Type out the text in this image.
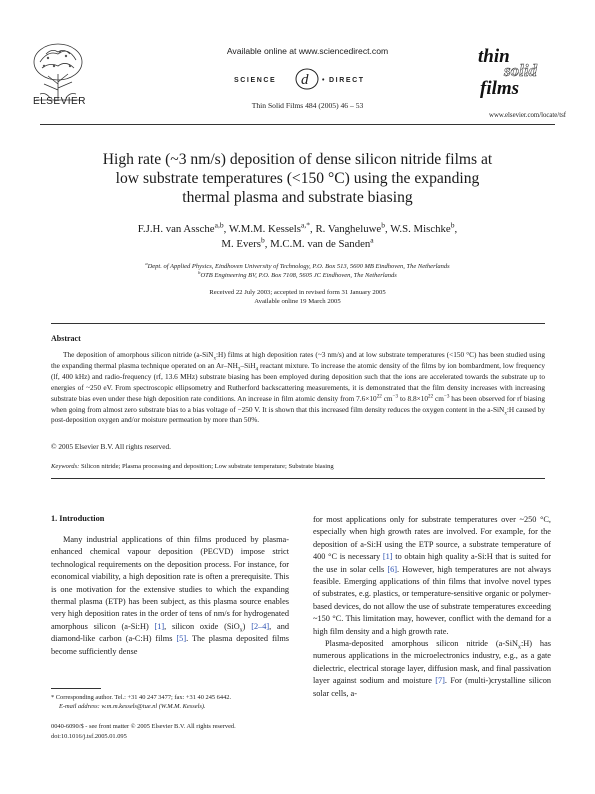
ELSEVIER
Available online at www.sciencedirect.com
SCIENCE d • DIRECT
Thin Solid Films 484 (2005) 46 – 53
thin
solid
films
www.elsevier.com/locate/tsf
High rate (~3 nm/s) deposition of dense silicon nitride films at
low substrate temperatures (<150 °C) using the expanding
thermal plasma and substrate biasing
F.J.H. van Assche$^{a,b}$, W.M.M. Kessels$^{a,*}$, R. Vangheluwe$^b$, W.S. Mischke$^b$,
M. Evers$^b$, M.C.M. van de Sanden$^a$
$^a$Dept. of Applied Physics, Eindhoven University of Technology, P.O. Box 513, 5600 MB Eindhoven, The Netherlands
$^b$OTB Engineering BV, P.O. Box 7108, 5605 JC Eindhoven, The Netherlands
Received 22 July 2003; accepted in revised form 31 January 2005
Available online 19 March 2005
Abstract
The deposition of amorphous silicon nitride (a-SiN$_x$:H) films at high deposition rates (~3 nm/s) and at low substrate temperatures (<150 °C) has been studied using the expanding thermal plasma technique operated on an $Ar-NH_3-SiH_4$ reactant mixture. To increase the atomic density of the films by ion bombardment, low frequency (lf, 400 kHz) and radio-frequency (rf, 13.6 MHz) substrate biasing has been employed during deposition such that the ions are accelerated towards the substrate up to energies of ~250 eV. From spectroscopic ellipsometry and Rutherford backscattering measurements, it is demonstrated that the film density increases with increasing substrate bias even under these high deposition rate conditions. An increase in film atomic density from $7.6\times 10^{22}$ $cm^{-3}$ to $8.8\times 10^{22}$ $cm^{-3}$ has been observed for rf biasing when going from almost zero substrate bias to a bias voltage of −250 V. It is shown that this increased film density reduces the oxygen content in the a-SiN$_x$:H caused by post-deposition oxygen and/or moisture permeation by more than 50%.
© 2005 Elsevier B.V. All rights reserved.
Keywords: Silicon nitride; Plasma processing and deposition; Low substrate temperature; Substrate biasing
1. Introduction

Many industrial applications of thin films produced by plasma-enhanced chemical vapour deposition (PECVD) impose strict technological requirements on the deposition process. For instance, for economical viability, a high deposition rate is often a prerequisite. This is one motivation for the extensive studies to which the expanding thermal plasma (ETP) has been subject, as this plasma source enables very high deposition rates in the order of tens of nm/s for hydrogenated amorphous silicon (a-Si:H) [1], silicon oxide (SiO$_x$) [2–4], and diamond-like carbon (a-C:H) films [5]. The plasma deposited films become sufficiently dense

for most applications only for substrate temperatures over ~250 °C, especially when high growth rates are involved. For example, for the deposition of a-Si:H using the ETP source, a substrate temperature of 400 °C is necessary [1] to obtain high quality a-Si:H that is suited for the use in solar cells [6]. However, high temperatures are not always feasible. Emerging applications of thin films that involve novel types of substrates, e.g. plastics, or temperature-sensitive organic or polymer-based devices, do not allow the use of substrate temperatures exceeding ~150 °C. This limitation may, however, conflict with the demand for a high film density and a high growth rate.

Plasma-deposited amorphous silicon nitride (a-SiN$_x$:H) has numerous applications in the microelectronics industry, e.g., as a gate dielectric, electrical storage layer, diffusion mask, and final passivation layer against sodium and moisture [7]. For (multi-)crystalline silicon solar cells, a-

* Corresponding author. Tel.: +31 40 247 3477; fax: +31 40 245 6442.
E-mail address: w.m.m.kessels@tue.nl (W.M.M. Kessels).
0040-6090/$ - see front matter © 2005 Elsevier B.V. All rights reserved.
doi:10.1016/j.tsf.2005.01.095
